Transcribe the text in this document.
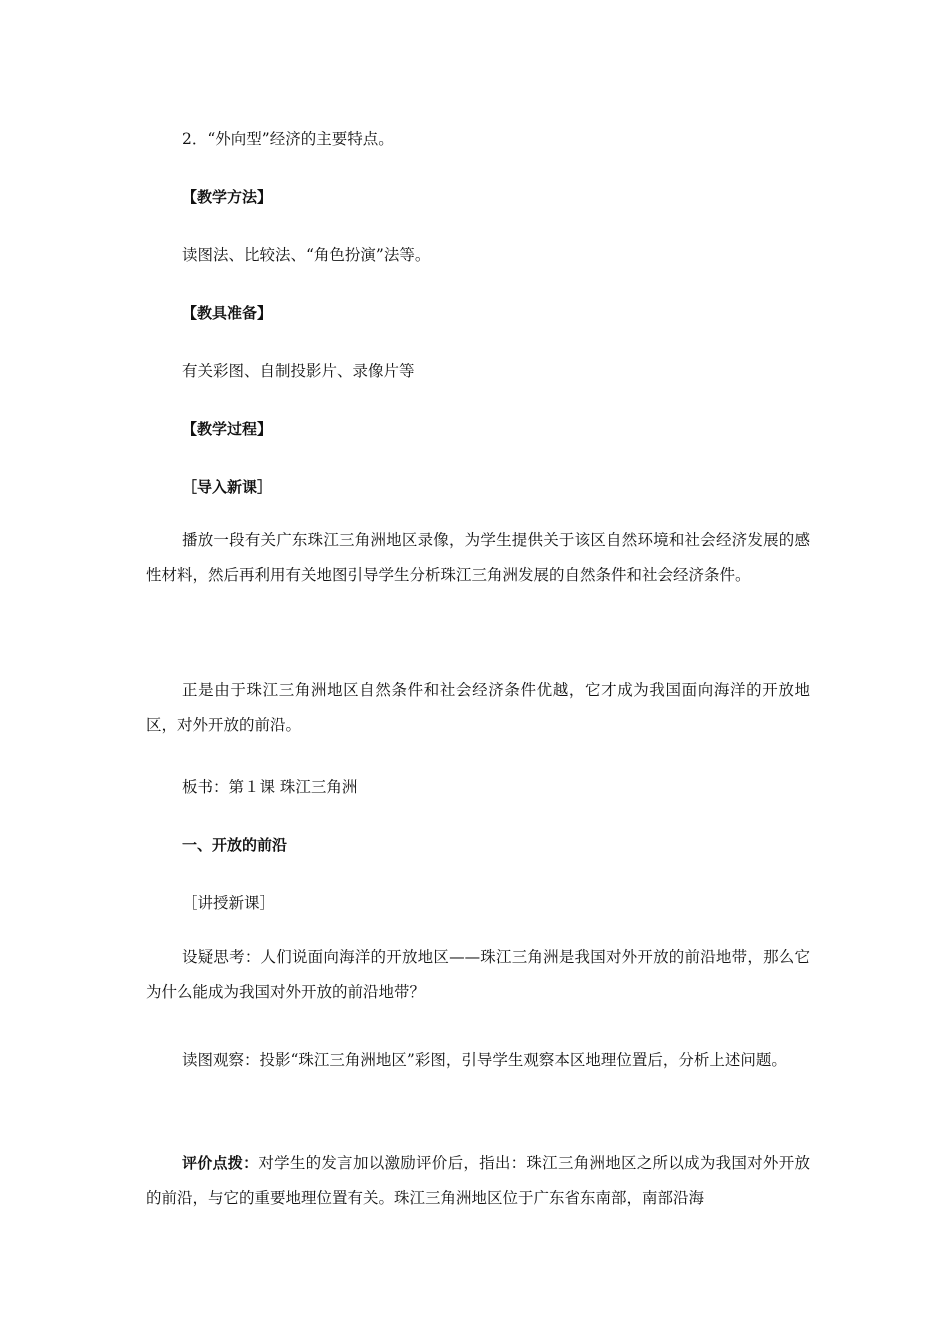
2．“外向型”经济的主要特点。
【教学方法】
读图法、比较法、“角色扮演”法等。
【教具准备】
有关彩图、自制投影片、录像片等
【教学过程】
［导入新课］
播放一段有关广东珠江三角洲地区录像，为学生提供关于该区自然环境和社会经济发展的感性材料，然后再利用有关地图引导学生分析珠江三角洲发展的自然条件和社会经济条件。
正是由于珠江三角洲地区自然条件和社会经济条件优越，它才成为我国面向海洋的开放地区，对外开放的前沿。
板书：第１课 珠江三角洲
一、开放的前沿
［讲授新课］
设疑思考：人们说面向海洋的开放地区——珠江三角洲是我国对外开放的前沿地带，那么它为什么能成为我国对外开放的前沿地带？
读图观察：投影“珠江三角洲地区”彩图，引导学生观察本区地理位置后，分析上述问题。
评价点拨：对学生的发言加以激励评价后，指出：珠江三角洲地区之所以成为我国对外开放的前沿，与它的重要地理位置有关。珠江三角洲地区位于广东省东南部，南部沿海
